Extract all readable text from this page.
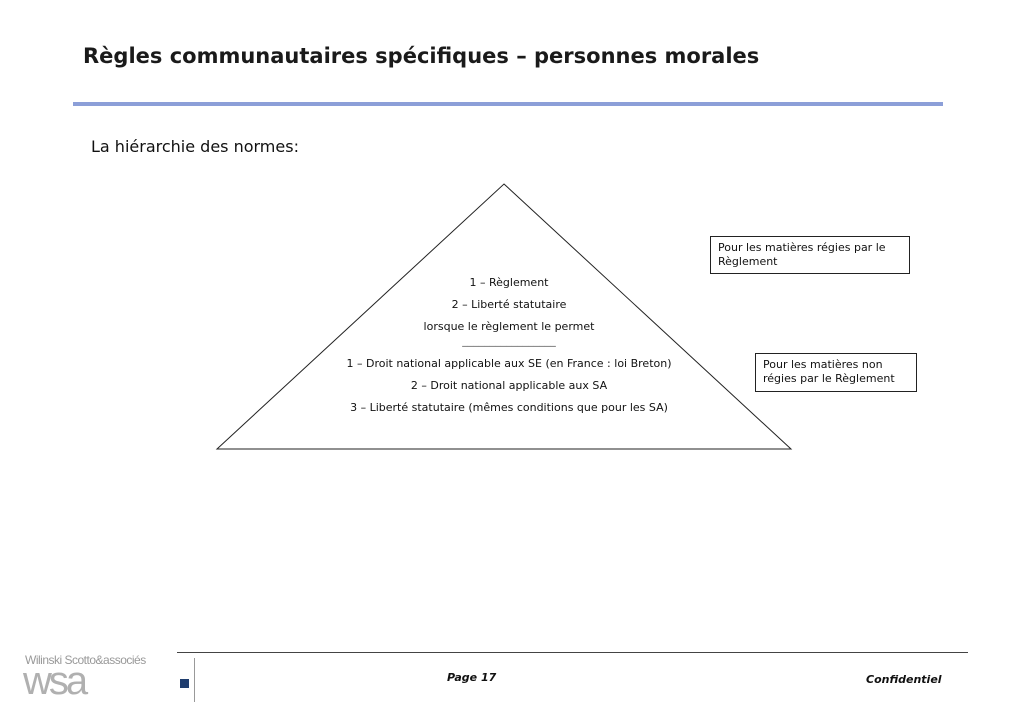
Règles communautaires spécifiques – personnes morales
La hiérarchie des normes:
1 – Règlement
2 – Liberté statutaire
lorsque le règlement le permet
_________________
1 – Droit national applicable aux SE (en France : loi Breton)
2 – Droit national applicable aux SA
3 – Liberté statutaire (mêmes conditions que pour les SA)
Pour les matières régies par le Règlement
Pour les matières non régies par le Règlement
Wilinski Scotto&associés
wsa	Page 17	Confidentiel
